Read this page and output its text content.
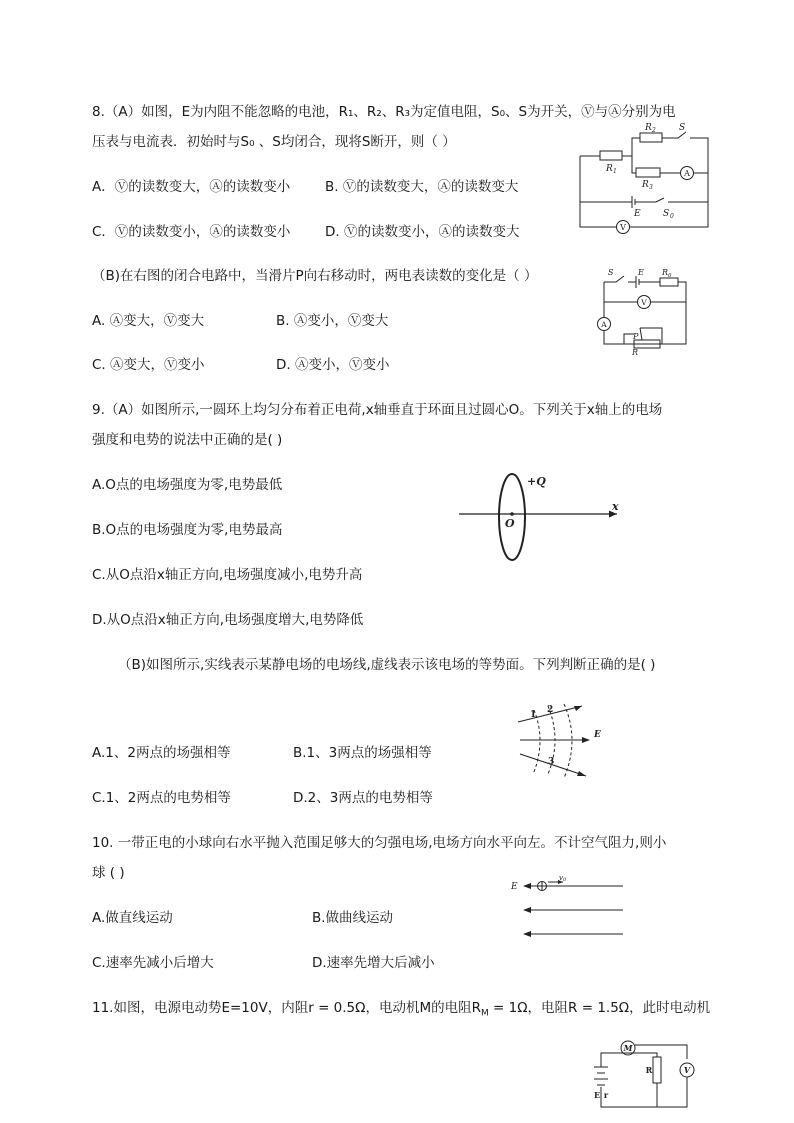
8.（A）如图，E为内阻不能忽略的电池，R₁、R₂、R₃为定值电阻，S₀、S为开关，Ⓥ与Ⓐ分别为电
压表与电流表．初始时与S₀ 、S均闭合，现将S断开，则（ ）
A．Ⓥ的读数变大，Ⓐ的读数变小	B. Ⓥ的读数变大，Ⓐ的读数变大
C．Ⓥ的读数变小，Ⓐ的读数变小	D. Ⓥ的读数变小，Ⓐ的读数变大
R 2
R 1
R 3
S
E S 0
A
V
（B)在右图的闭合电路中，当滑片P向右移动时，两电表读数的变化是（ ）
A. Ⓐ变大，Ⓥ变大	B. Ⓐ变小，Ⓥ变大
C. Ⓐ变大，Ⓥ变小	D. Ⓐ变小，Ⓥ变小
S	E R 0
P
R
V
A
9.（A）如图所示,一圆环上均匀分布着正电荷,x轴垂直于环面且过圆心O。下列关于x轴上的电场
强度和电势的说法中正确的是( )
A.O点的电场强度为零,电势最低
B.O点的电场强度为零,电势最高
C.从O点沿x轴正方向,电场强度减小,电势升高
D.从O点沿x轴正方向,电场强度增大,电势降低
+Q
O
x
（B)如图所示,实线表示某静电场的电场线,虚线表示该电场的等势面。下列判断正确的是( )
A.1、2两点的场强相等	B.1、3两点的场强相等
C.1、2两点的电势相等	D.2、3两点的电势相等
1 2
3
E
10. 一带正电的小球向右水平抛入范围足够大的匀强电场,电场方向水平向左。不计空气阻力,则小
球 ( )
A.做直线运动	B.做曲线运动
C.速率先减小后增大	D.速率先增大后减小
E
v 0
11.如图，电源电动势E=10V，内阻r = 0.5Ω，电动机M的电阻$R_M = 1\Omega$，电阻R = 1.5Ω，此时电动机
M
R	V
E r
